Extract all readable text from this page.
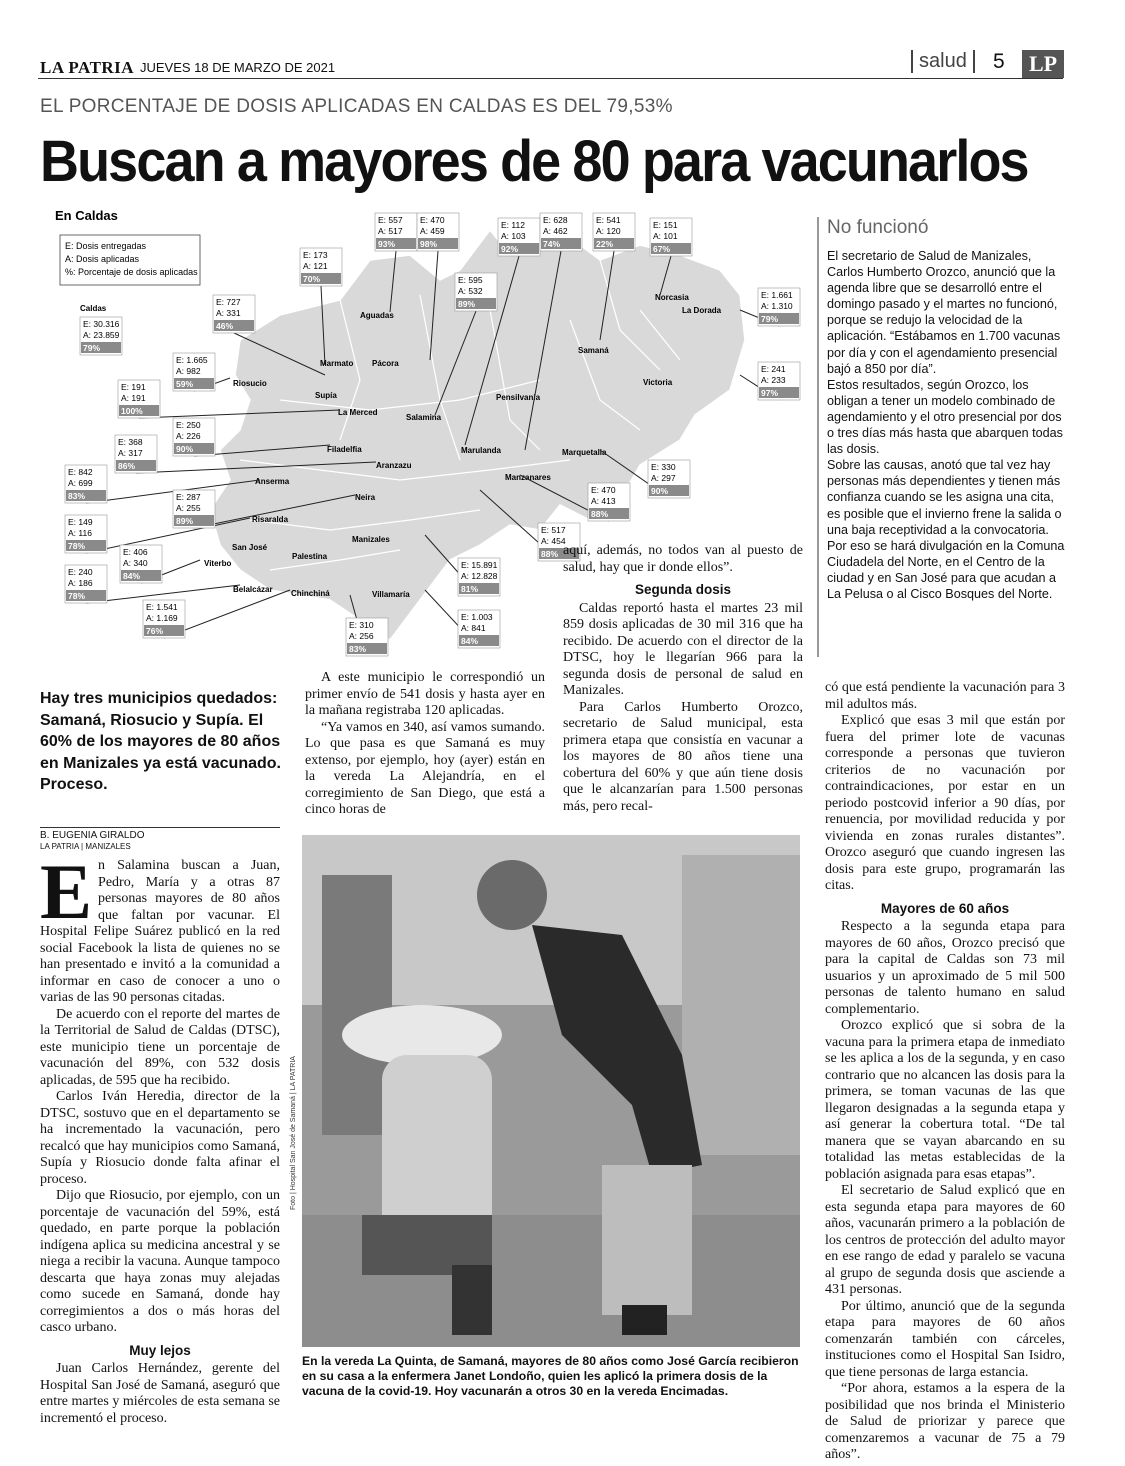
LA PATRIA JUEVES 18 DE MARZO DE 2021	salud	5	LP
EL PORCENTAJE DE DOSIS APLICADAS EN CALDAS ES DEL 79,53%
Buscan a mayores de 80 para vacunarlos
En Caldas
E: Dosis entregadas
A: Dosis aplicadas
%: Porcentaje de dosis aplicadas
Aguadas
Norcasia
Pácora
La Dorada
Marmato
Samaná
Riosucio
Supía
La Merced
Salamina
Pensilvania
Victoria
Filadelfia	Marulanda	Marquetalia
Aranzazu
Anserma	Manzanares
Neira
Risaralda
San José
Manizales
Viterbo
Palestina
Belalcázar Chinchiná	Villamaría
Caldas
E: 30.316
A: 23.859
79%
E: 557
A: 517
93%
E: 470
A: 459
98%
E: 112
A: 103
92%
E: 628
A: 462
74%
E: 541
A: 120
22%
E: 151
A: 101
67%
E: 173
A: 121
70%	E: 595
A: 532
89%
E: 727
A: 331
46%
E: 1.661
A: 1.310
79%
E: 1.665
A: 982
59%
E: 241
A: 233
97%
E: 191
A: 191
100%
E: 250
A: 226
90%
E: 368
A: 317
86%	E: 330
A: 297
90%
E: 842
A: 699
83%
E: 470
A: 413
88%
E: 287
A: 255
89%
E: 149
A: 116
78%
E: 517
A: 454
88%
E: 406
A: 340
84%
E: 15.891
A: 12.828
81%
E: 240
A: 186
78%
E: 1.003
A: 841
84%
E: 1.541
A: 1.169
76%
E: 310
A: 256
83%
No funcionó

El secretario de Salud de Manizales, Carlos Humberto Orozco, anunció que la agenda libre que se desarrolló entre el domingo pasado y el martes no funcionó, porque se redujo la velocidad de la aplicación. “Estábamos en 1.700 vacunas por día y con el agendamiento presencial bajó a 850 por día”.

Estos resultados, según Orozco, los obligan a tener un modelo combinado de agendamiento y el otro presencial por dos o tres días más hasta que abarquen todas las dosis.

Sobre las causas, anotó que tal vez hay personas más dependientes y tienen más confianza cuando se les asigna una cita, es posible que el invierno frene la salida o una baja receptividad a la convocatoria.

Por eso se hará divulgación en la Comuna Ciudadela del Norte, en el Centro de la ciudad y en San José para que acudan a La Pelusa o al Cisco Bosques del Norte.

Hay tres municipios quedados: Samaná, Riosucio y Supía. El 60% de los mayores de 80 años en Manizales ya está vacunado. Proceso.
B. EUGENIA GIRALDO
LA PATRIA | MANIZALES

En Salamina buscan a Juan, Pedro, María y a otras 87 personas mayores de 80 años que faltan por vacunar. El Hospital Felipe Suárez publicó en la red social Facebook la lista de quienes no se han presentado e invitó a la comunidad a informar en caso de conocer a uno o varias de las 90 personas citadas.

De acuerdo con el reporte del martes de la Territorial de Salud de Caldas (DTSC), este municipio tiene un porcentaje de vacunación del 89%, con 532 dosis aplicadas, de 595 que ha recibido.

Carlos Iván Heredia, director de la DTSC, sostuvo que en el departamento se ha incrementado la vacunación, pero recalcó que hay municipios como Samaná, Supía y Riosucio donde falta afinar el proceso.

Dijo que Riosucio, por ejemplo, con un porcentaje de vacunación del 59%, está quedado, en parte porque la población indígena aplica su medicina ancestral y se niega a recibir la vacuna. Aunque tampoco descarta que haya zonas muy alejadas como sucede en Samaná, donde hay corregimientos a dos o más horas del casco urbano.

Muy lejos

Juan Carlos Hernández, gerente del Hospital San José de Samaná, aseguró que entre martes y miércoles de esta semana se incrementó el proceso.

A este municipio le correspondió un primer envío de 541 dosis y hasta ayer en la mañana registraba 120 aplicadas.

“Ya vamos en 340, así vamos sumando. Lo que pasa es que Samaná es muy extenso, por ejemplo, hoy (ayer) están en la vereda La Alejandría, en el corregimiento de San Diego, que está a cinco horas de

aquí, además, no todos van al puesto de salud, hay que ir donde ellos”.

Segunda dosis

Caldas reportó hasta el martes 23 mil 859 dosis aplicadas de 30 mil 316 que ha recibido. De acuerdo con el director de la DTSC, hoy le llegarían 966 para la segunda dosis de personal de salud en Manizales.

Para Carlos Humberto Orozco, secretario de Salud municipal, esta primera etapa que consistía en vacunar a los mayores de 80 años tiene una cobertura del 60% y que aún tiene dosis que le alcanzarían para 1.500 personas más, pero recal-

có que está pendiente la vacunación para 3 mil adultos más.

Explicó que esas 3 mil que están por fuera del primer lote de vacunas corresponde a personas que tuvieron criterios de no vacunación por contraindicaciones, por estar en un periodo postcovid inferior a 90 días, por renuencia, por movilidad reducida y por vivienda en zonas rurales distantes”. Orozco aseguró que cuando ingresen las dosis para este grupo, programarán las citas.

Mayores de 60 años

Respecto a la segunda etapa para mayores de 60 años, Orozco precisó que para la capital de Caldas son 73 mil usuarios y un aproximado de 5 mil 500 personas de talento humano en salud complementario.

Orozco explicó que si sobra de la vacuna para la primera etapa de inmediato se les aplica a los de la segunda, y en caso contrario que no alcancen las dosis para la primera, se toman vacunas de las que llegaron designadas a la segunda etapa y así generar la cobertura total. “De tal manera que se vayan abarcando en su totalidad las metas establecidas de la población asignada para esas etapas”.

El secretario de Salud explicó que en esta segunda etapa para mayores de 60 años, vacunarán primero a la población de los centros de protección del adulto mayor en ese rango de edad y paralelo se vacuna al grupo de segunda dosis que asciende a 431 personas.

Por último, anunció que de la segunda etapa para mayores de 60 años comenzarán también con cárceles, instituciones como el Hospital San Isidro, que tiene personas de larga estancia.

“Por ahora, estamos a la espera de la posibilidad que nos brinda el Ministerio de Salud de priorizar y parece que comenzaremos a vacunar de 75 a 79 años”.

Foto | Hospital San José de Samaná | LA PATRIA
En la vereda La Quinta, de Samaná, mayores de 80 años como José García recibieron en su casa a la enfermera Janet Londoño, quien les aplicó la primera dosis de la vacuna de la covid-19. Hoy vacunarán a otros 30 en la vereda Encimadas.
